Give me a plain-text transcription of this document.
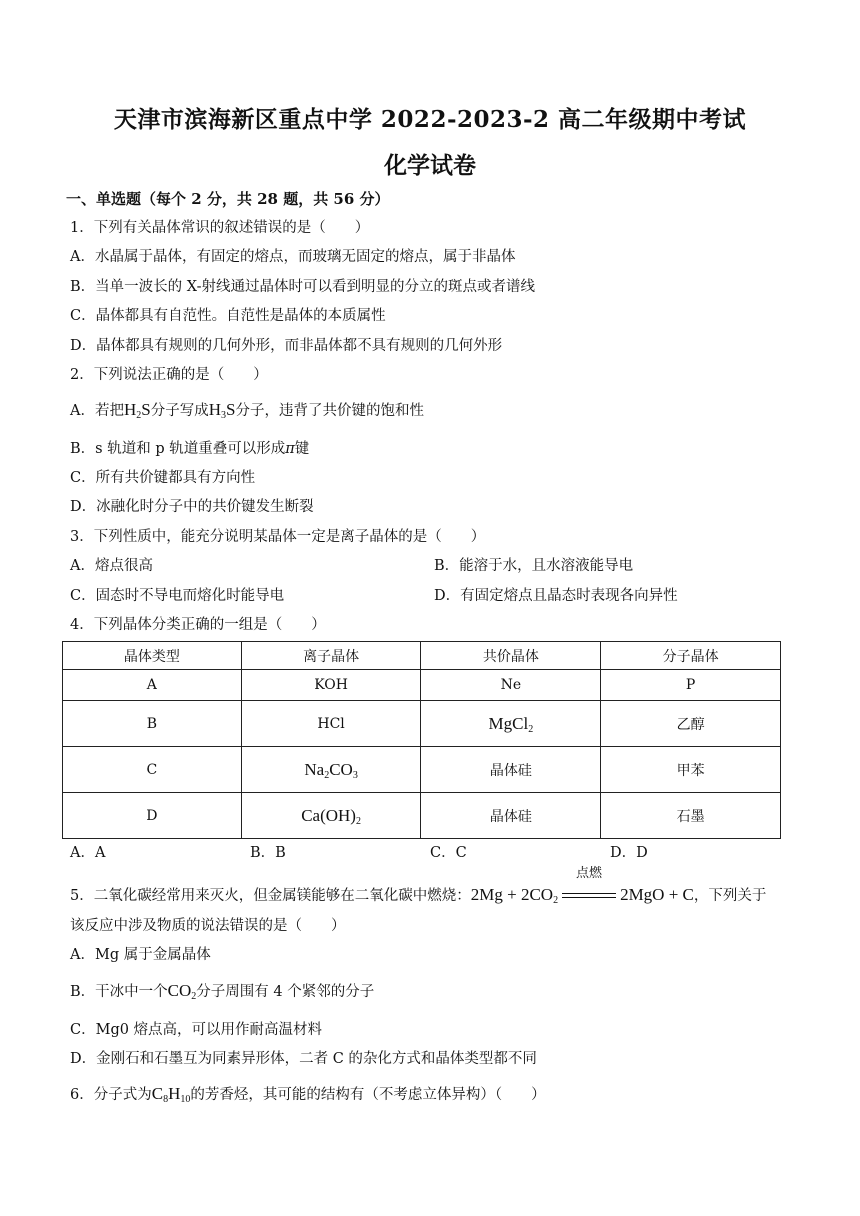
天津市滨海新区重点中学 2022-2023-2 高二年级期中考试
化学试卷
一、单选题（每个 2 分，共 28 题，共 56 分）
1．下列有关晶体常识的叙述错误的是（　　）
A．水晶属于晶体，有固定的熔点，而玻璃无固定的熔点，属于非晶体
B．当单一波长的 X-射线通过晶体时可以看到明显的分立的斑点或者谱线
C．晶体都具有自范性。自范性是晶体的本质属性
D．晶体都具有规则的几何外形，而非晶体都不具有规则的几何外形
2．下列说法正确的是（　　）
A．若把$H_2S$分子写成$H_3S$分子，违背了共价键的饱和性
B．s 轨道和 p 轨道重叠可以形成π键
C．所有共价键都具有方向性
D．冰融化时分子中的共价键发生断裂
3．下列性质中，能充分说明某晶体一定是离子晶体的是（　　）
A．熔点很高	B．能溶于水，且水溶液能导电
C．固态时不导电而熔化时能导电	D．有固定熔点且晶态时表现各向异性
4．下列晶体分类正确的一组是（　　）
晶体类型	离子晶体	共价晶体	分子晶体
A	KOH	Ne	P
B	HCl	MgCl$_2$	乙醇
C	$Na_2CO_3$	晶体硅	甲苯
D	$Ca(OH)_2$	晶体硅	石墨
A．A	B．B	C．C	D．D
5．二氧化碳经常用来灭火，但金属镁能够在二氧化碳中燃烧：$2Mg + 2CO_2$
点燃
2MgO + C，下列关于
该反应中涉及物质的说法错误的是（　　）
A．Mg 属于金属晶体
B．干冰中一个$CO_2$分子周围有 4 个紧邻的分子
C．Mg0 熔点高，可以用作耐高温材料
D．金刚石和石墨互为同素异形体，二者 C 的杂化方式和晶体类型都不同
6．分子式为$C_8H_{10}$的芳香烃，其可能的结构有（不考虑立体异构）（　　）
